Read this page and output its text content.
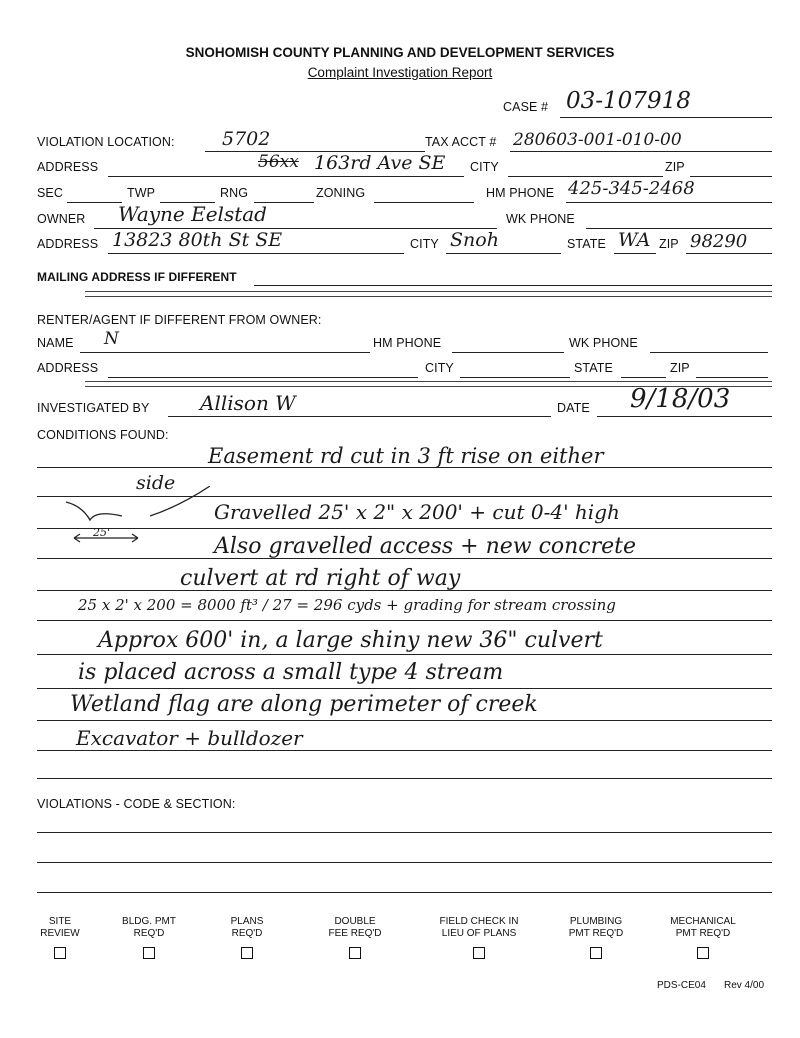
SNOHOMISH COUNTY PLANNING AND DEVELOPMENT SERVICES
Complaint Investigation Report
CASE # 03-107918
VIOLATION LOCATION: 5702	TAX ACCT # 280603-001-010-00
ADDRESS	56xx 163rd Ave SE CITY	ZIP
SEC	TWP	RNG	ZONING	HM PHONE 425-345-2468
OWNER Wayne Eelstad	WK PHONE
ADDRESS 13823 80th St SE	CITY Snoh	STATE WA ZIP 98290
MAILING ADDRESS IF DIFFERENT
RENTER/AGENT IF DIFFERENT FROM OWNER:
NAME N	HM PHONE	WK PHONE
ADDRESS	CITY	STATE	ZIP
INVESTIGATED BY	Allison W	DATE 9/18/03
CONDITIONS FOUND:
Easement rd cut in 3 ft rise on either
side
25'
Gravelled 25' x 2" x 200' + cut 0-4' high
Also gravelled access + new concrete
culvert at rd right of way
25 x 2' x 200 = 8000 ft³ / 27 = 296 cyds + grading for stream crossing
Approx 600' in, a large shiny new 36" culvert
is placed across a small type 4 stream
Wetland flag are along perimeter of creek
Excavator + bulldozer
VIOLATIONS - CODE & SECTION:
SITE
REVIEW
BLDG. PMT
REQ'D
PLANS
REQ'D
DOUBLE
FEE REQ'D
FIELD CHECK IN
LIEU OF PLANS
PLUMBING
PMT REQ'D
MECHANICAL
PMT REQ'D
PDS-CE04 Rev 4/00
